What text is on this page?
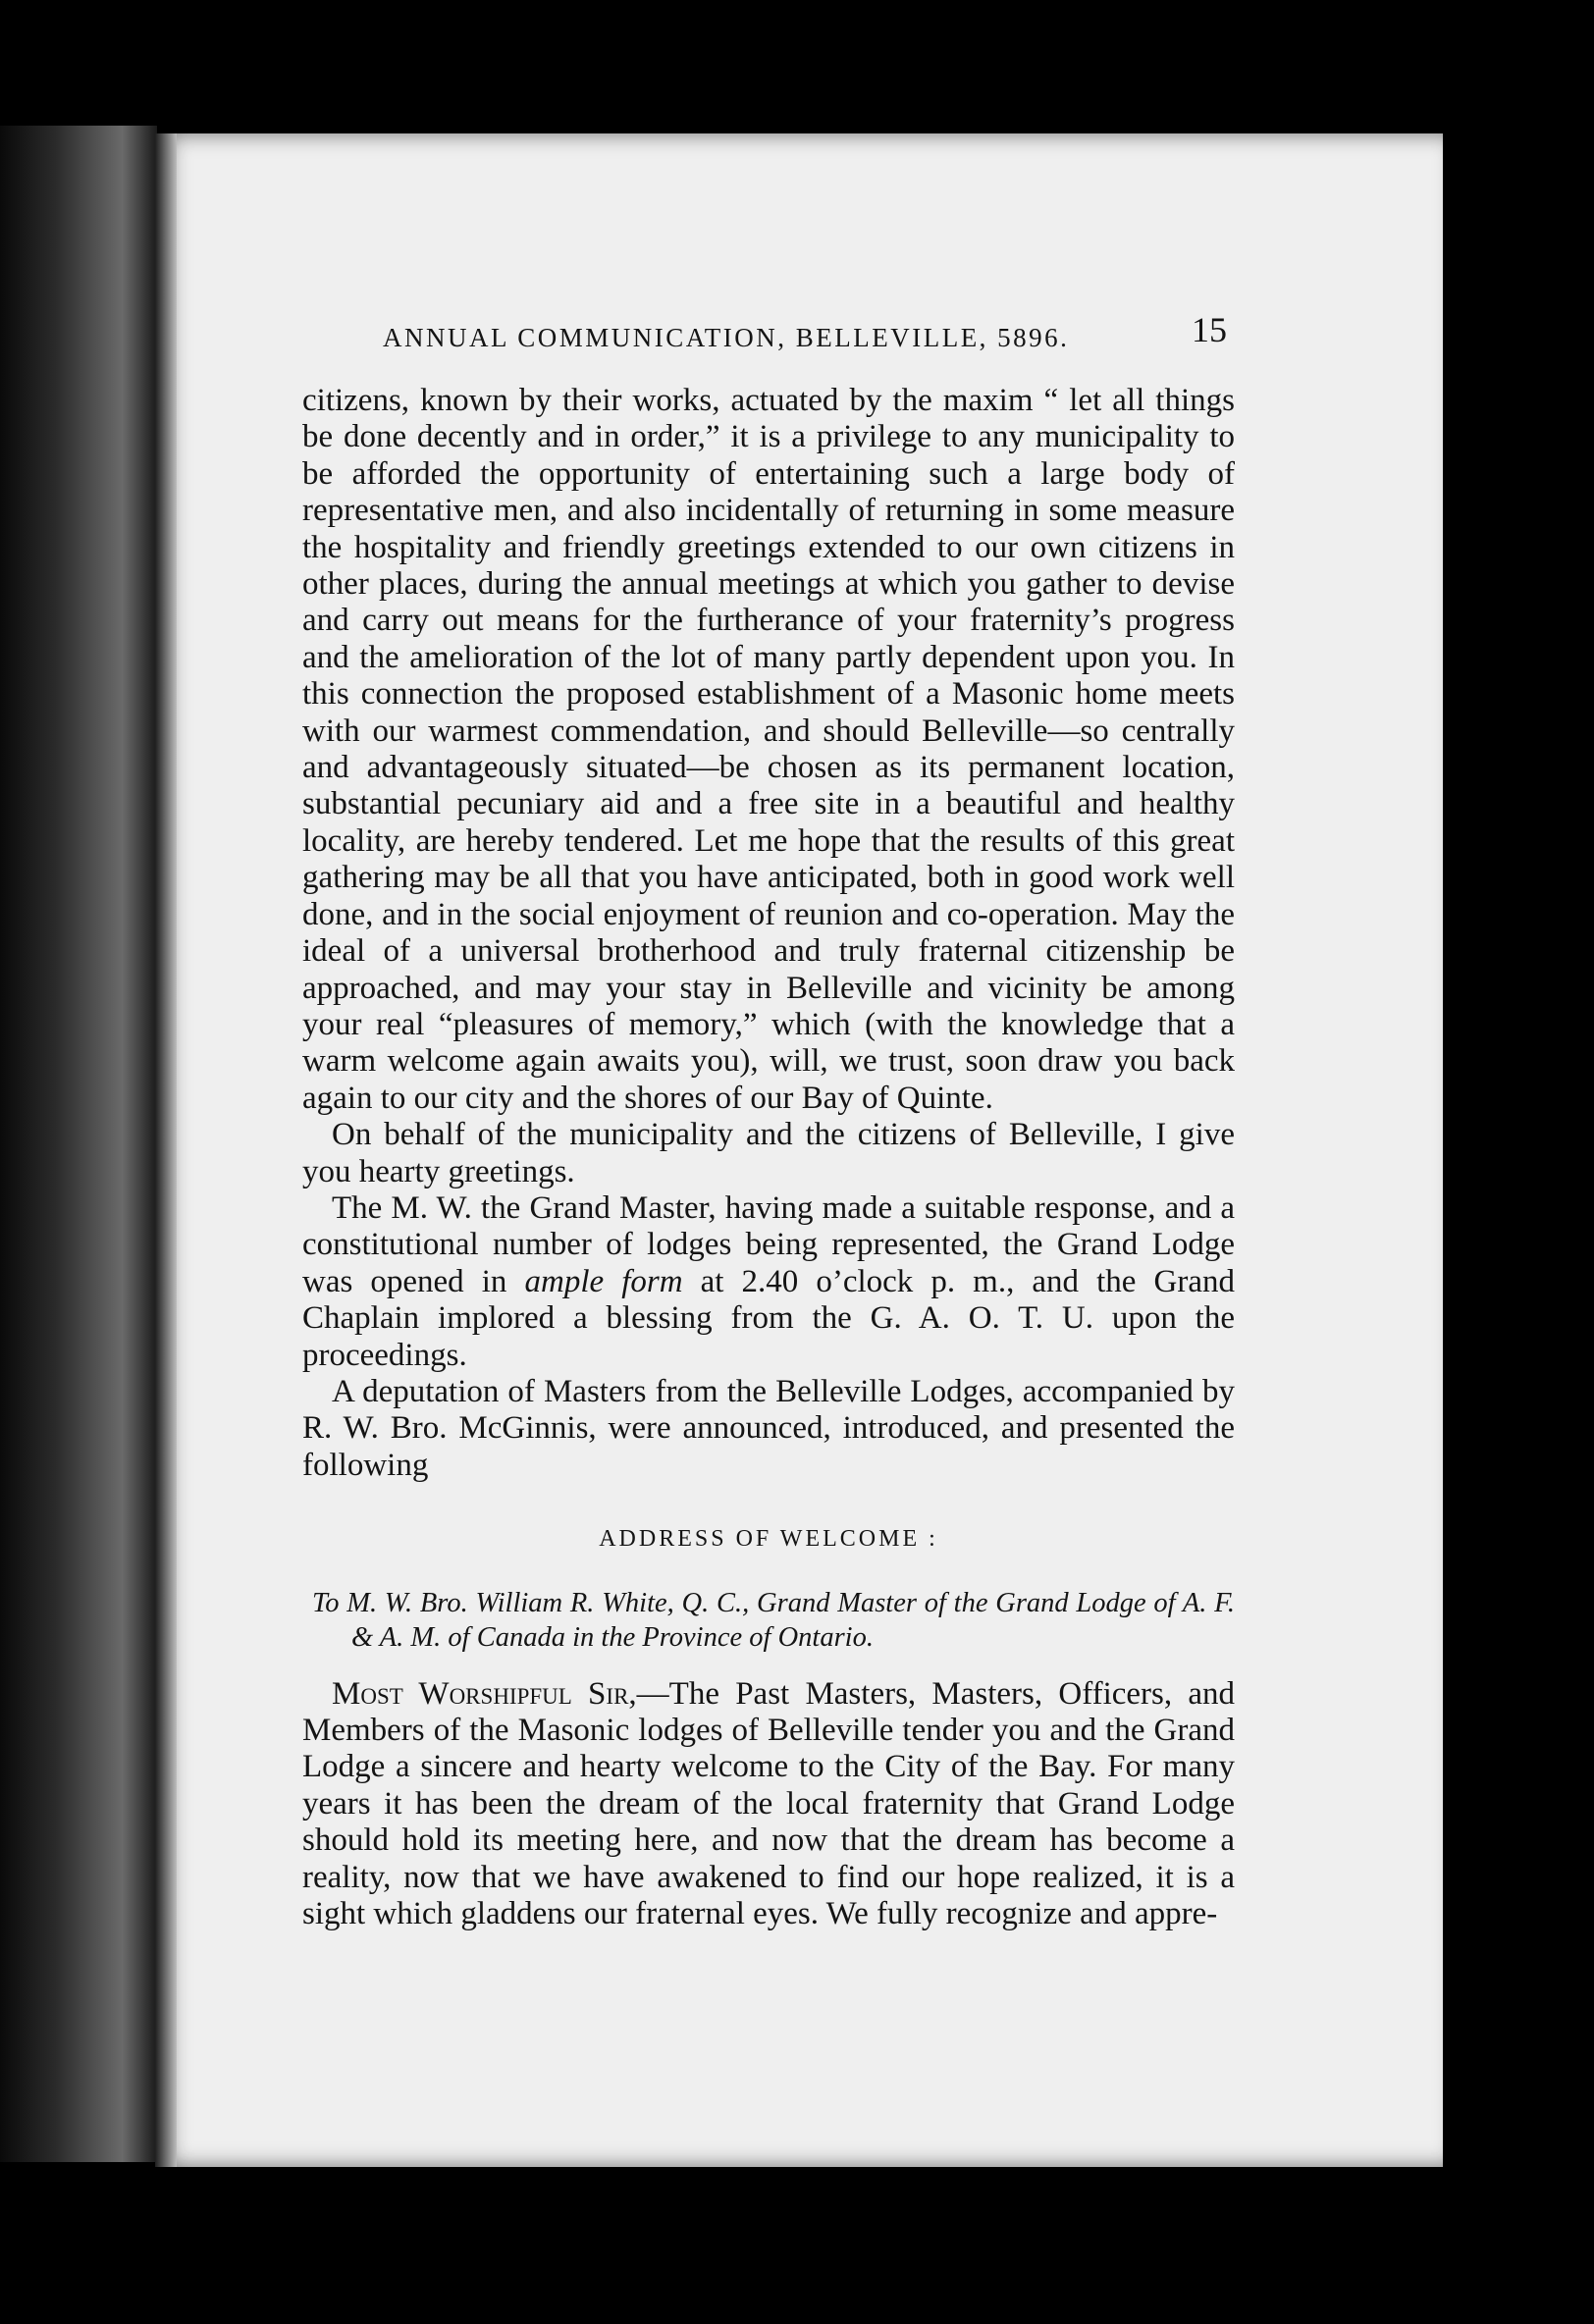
ANNUAL COMMUNICATION, BELLEVILLE, 5896.	15

citizens, known by their works, actuated by the maxim “ let all things be done decently and in order,” it is a privilege to any municipality to be afforded the opportunity of entertaining such a large body of representative men, and also incidentally of returning in some measure the hospitality and friendly greetings extended to our own citizens in other places, during the annual meetings at which you gather to devise and carry out means for the furtherance of your fraternity’s progress and the amelioration of the lot of many partly dependent upon you. In this connection the proposed establishment of a Masonic home meets with our warmest commendation, and should Belleville—so centrally and advantageously situated—be chosen as its permanent location, substantial pecuniary aid and a free site in a beautiful and healthy locality, are hereby tendered. Let me hope that the results of this great gathering may be all that you have anticipated, both in good work well done, and in the social enjoyment of reunion and co-operation. May the ideal of a universal brotherhood and truly fraternal citizenship be approached, and may your stay in Belleville and vicinity be among your real “pleasures of memory,” which (with the knowledge that a warm welcome again awaits you), will, we trust, soon draw you back again to our city and the shores of our Bay of Quinte.

On behalf of the municipality and the citizens of Belleville, I give you hearty greetings.

The M. W. the Grand Master, having made a suitable response, and a constitutional number of lodges being represented, the Grand Lodge was opened in ample form at 2.40 o’clock p. m., and the Grand Chaplain implored a blessing from the G. A. O. T. U. upon the proceedings.

A deputation of Masters from the Belleville Lodges, accompanied by R. W. Bro. McGinnis, were announced, introduced, and presented the following

ADDRESS OF WELCOME :

To M. W. Bro. William R. White, Q. C., Grand Master of the Grand Lodge of A. F. & A. M. of Canada in the Province of Ontario.

Most Worshipful Sir,—The Past Masters, Masters, Officers, and Members of the Masonic lodges of Belleville tender you and the Grand Lodge a sincere and hearty welcome to the City of the Bay. For many years it has been the dream of the local fraternity that Grand Lodge should hold its meeting here, and now that the dream has become a reality, now that we have awakened to find our hope realized, it is a sight which gladdens our fraternal eyes. We fully recognize and appre-
